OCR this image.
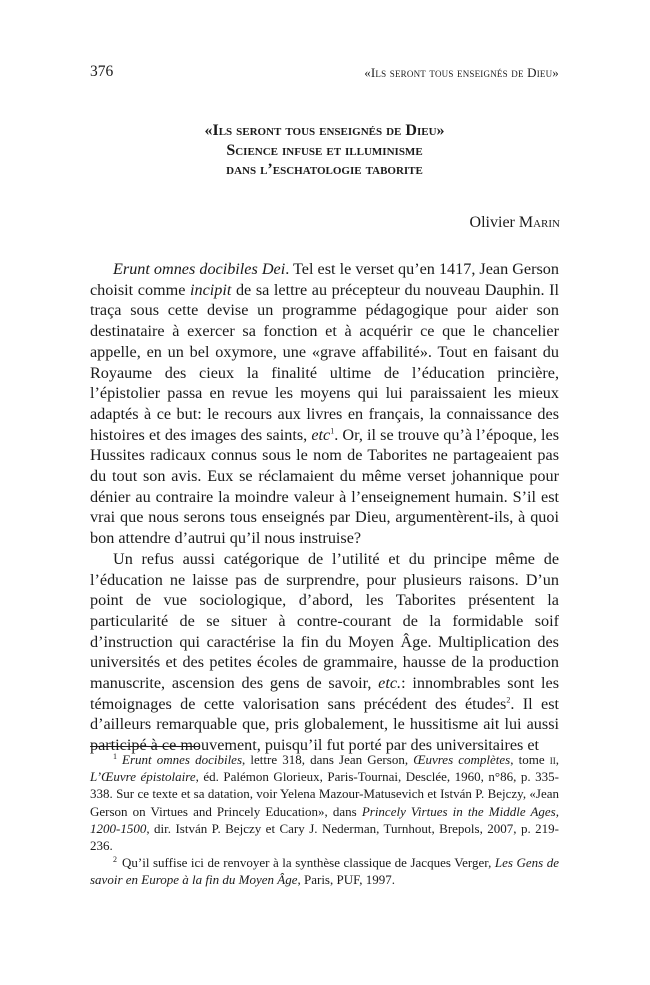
376	«Ils seront tous enseignés de Dieu»
«Ils seront tous enseignés de Dieu»
Science infuse et illuminisme
dans l’eschatologie taborite
Olivier Marin

Erunt omnes docibiles Dei. Tel est le verset qu’en 1417, Jean Gerson choisit comme incipit de sa lettre au précepteur du nouveau Dauphin. Il traça sous cette devise un programme pédagogique pour aider son destinataire à exercer sa fonction et à acquérir ce que le chancelier appelle, en un bel oxymore, une «grave affabilité». Tout en faisant du Royaume des cieux la finalité ultime de l’éducation princière, l’épistolier passa en revue les moyens qui lui paraissaient les mieux adaptés à ce but: le recours aux livres en français, la connaissance des histoires et des images des saints, etc$^1$. Or, il se trouve qu’à l’époque, les Hussites radicaux connus sous le nom de Taborites ne partageaient pas du tout son avis. Eux se réclamaient du même verset johannique pour dénier au contraire la moindre valeur à l’enseignement humain. S’il est vrai que nous serons tous enseignés par Dieu, argumentèrent-ils, à quoi bon attendre d’autrui qu’il nous instruise?

Un refus aussi catégorique de l’utilité et du principe même de l’éducation ne laisse pas de surprendre, pour plusieurs raisons. D’un point de vue sociologique, d’abord, les Taborites présentent la particularité de se situer à contre-courant de la formidable soif d’instruction qui caractérise la fin du Moyen Âge. Multiplication des universités et des petites écoles de grammaire, hausse de la production manuscrite, ascension des gens de savoir, etc.: innombrables sont les témoignages de cette valorisation sans précédent des études$^2$. Il est d’ailleurs remarquable que, pris globalement, le hussitisme ait lui aussi participé à ce mouvement, puisqu’il fut porté par des universitaires et

$^1$ Erunt omnes docibiles, lettre 318, dans Jean Gerson, Œuvres complètes, tome ii, L’Œuvre épistolaire, éd. Palémon Glorieux, Paris-Tournai, Desclée, 1960, n°86, p. 335-338. Sur ce texte et sa datation, voir Yelena Mazour-Matusevich et István P. Bejczy, «Jean Gerson on Virtues and Princely Education», dans Princely Virtues in the Middle Ages, 1200-1500, dir. István P. Bejczy et Cary J. Nederman, Turnhout, Brepols, 2007, p. 219-236.

$^2$ Qu’il suffise ici de renvoyer à la synthèse classique de Jacques Verger, Les Gens de savoir en Europe à la fin du Moyen Âge, Paris, PUF, 1997.
